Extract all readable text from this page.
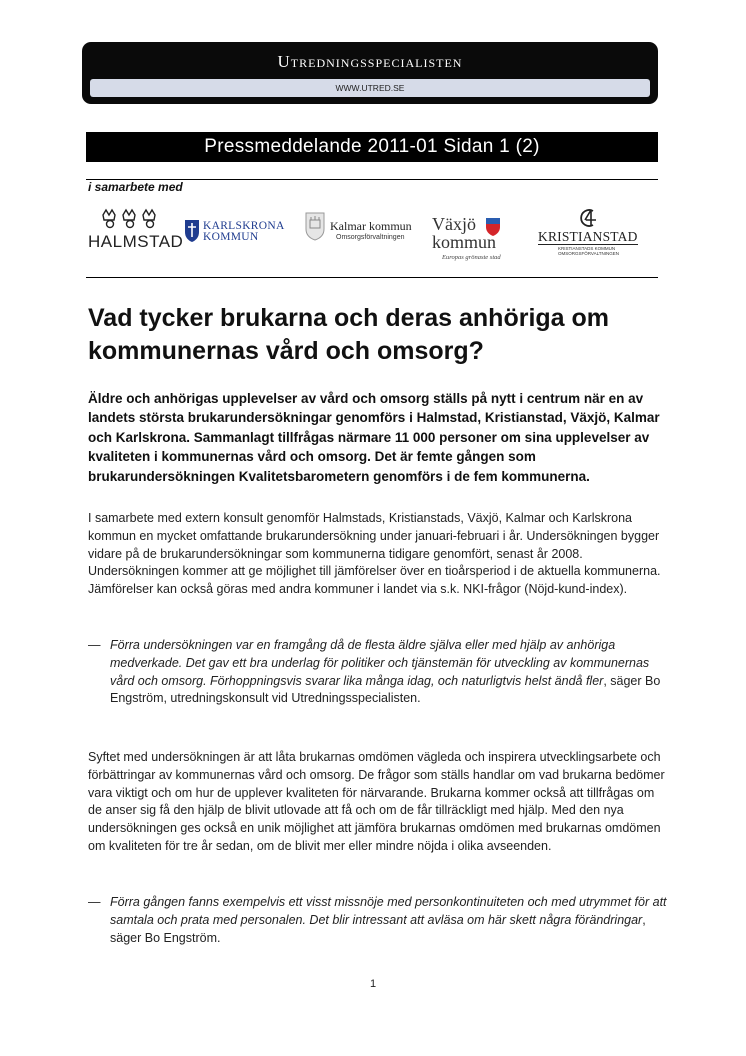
Utredningsspecialisten
WWW.UTRED.SE
Pressmeddelande 2011-01 Sidan 1 (2)
i samarbete med
HALMSTAD
KARLSKRONA
KOMMUN
Kalmar kommun
Omsorgsförvaltningen
Växjö
kommun
Europas grönaste stad
KRISTIANSTAD
KRISTIANSTADS KOMMUN
OMSORGSFÖRVALTNINGEN
Vad tycker brukarna och deras anhöriga om kommunernas vård och omsorg?

Äldre och anhörigas upplevelser av vård och omsorg ställs på nytt i centrum när en av landets största brukarundersökningar genomförs i Halmstad, Kristianstad, Växjö, Kalmar och Karlskrona. Sammanlagt tillfrågas närmare 11 000 personer om sina upplevelser av kvaliteten i kommunernas vård och omsorg. Det är femte gången som brukarundersökningen Kvalitetsbarometern genomförs i de fem kommunerna.

I samarbete med extern konsult genomför Halmstads, Kristianstads, Växjö, Kalmar och Karlskrona kommun en mycket omfattande brukarundersökning under januari-februari i år. Undersökningen bygger vidare på de brukarundersökningar som kommunerna tidigare genomfört, senast år 2008. Undersökningen kommer att ge möjlighet till jämförelser över en tioårsperiod i de aktuella kommunerna. Jämförelser kan också göras med andra kommuner i landet via s.k. NKI-frågor (Nöjd-kund-index).

— Förra undersökningen var en framgång då de flesta äldre själva eller med hjälp av anhöriga medverkade. Det gav ett bra underlag för politiker och tjänstemän för utveckling av kommunernas vård och omsorg. Förhoppningsvis svarar lika många idag, och naturligtvis helst ändå fler, säger Bo Engström, utredningskonsult vid Utredningsspecialisten.

Syftet med undersökningen är att låta brukarnas omdömen vägleda och inspirera utvecklingsarbete och förbättringar av kommunernas vård och omsorg. De frågor som ställs handlar om vad brukarna bedömer vara viktigt och om hur de upplever kvaliteten för närvarande. Brukarna kommer också att tillfrågas om de anser sig få den hjälp de blivit utlovade att få och om de får tillräckligt med hjälp. Med den nya undersökningen ges också en unik möjlighet att jämföra brukarnas omdömen med brukarnas omdömen om kvaliteten för tre år sedan, om de blivit mer eller mindre nöjda i olika avseenden.

— Förra gången fanns exempelvis ett visst missnöje med personkontinuiteten och med utrymmet för att samtala och prata med personalen. Det blir intressant att avläsa om här skett några förändringar, säger Bo Engström.

1
